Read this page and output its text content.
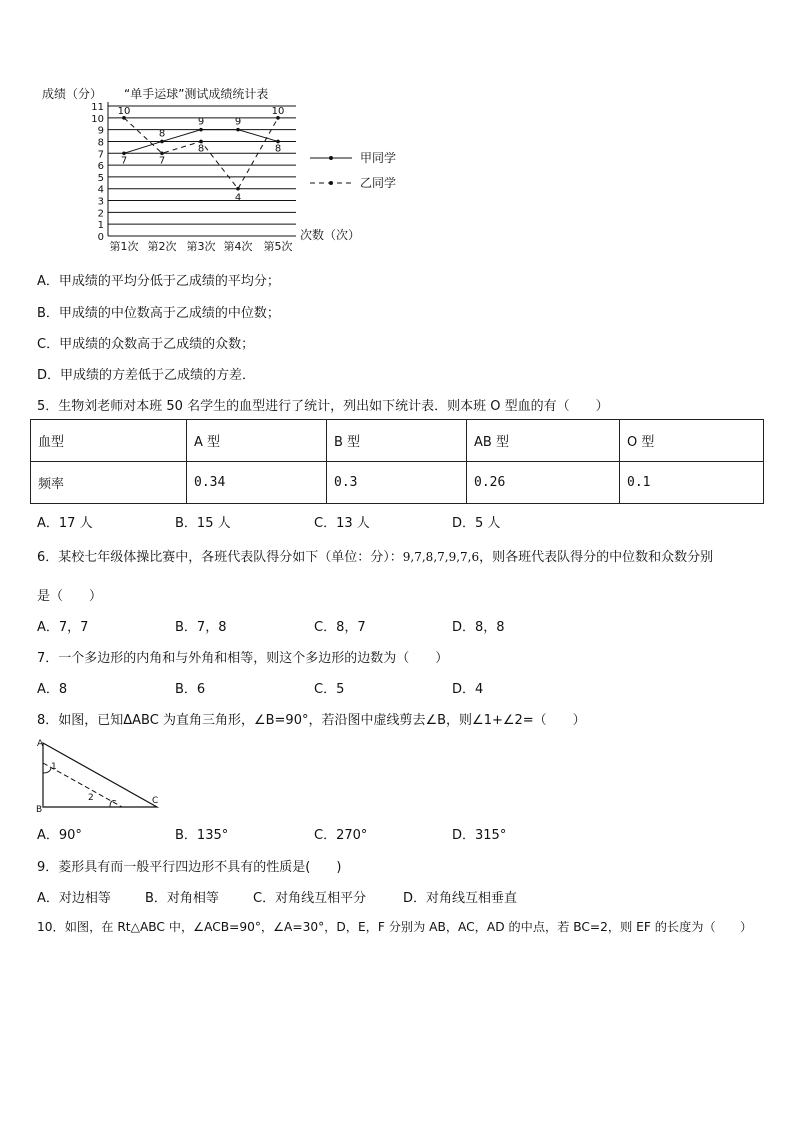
0
1
2
3
4
5
6
7
8
9
10
11
第1次 第2次 第3次 第4次 第5次
7
8
9	9
8
10
7
8
4
10
成绩（分） “单手运球”测试成绩统计表
次数（次）
甲同学
乙同学
A．甲成绩的平均分低于乙成绩的平均分；
B．甲成绩的中位数高于乙成绩的中位数；
C．甲成绩的众数高于乙成绩的众数；
D．甲成绩的方差低于乙成绩的方差．
5．生物刘老师对本班 50 名学生的血型进行了统计，列出如下统计表．则本班 O 型血的有（　　）
血型	A 型	B 型	AB 型	O 型
频率	0.34	0.3	0.26	0.1
A．17 人	B．15 人	C．13 人	D．5 人
6．某校七年级体操比赛中，各班代表队得分如下（单位：分）：9,7,8,7,9,7,6，则各班代表队得分的中位数和众数分别
是（　　）
A．7，7	B．7，8	C．8，7	D．8，8
7．一个多边形的内角和与外角和相等，则这个多边形的边数为（　　）
A．8	B．6	C．5	D．4
8．如图，已知ΔABC 为直角三角形，∠B=90°，若沿图中虚线剪去∠B，则∠1+∠2=（　　）
A
B
C
1
2
A．90°	B．135°	C．270°	D．315°
9．菱形具有而一般平行四边形不具有的性质是(　　)
A．对边相等	B．对角相等	C．对角线互相平分	D．对角线互相垂直
10．如图，在 Rt△ABC 中，∠ACB=90°，∠A=30°，D，E，F 分别为 AB，AC，AD 的中点，若 BC=2，则 EF 的长度为（　　）
